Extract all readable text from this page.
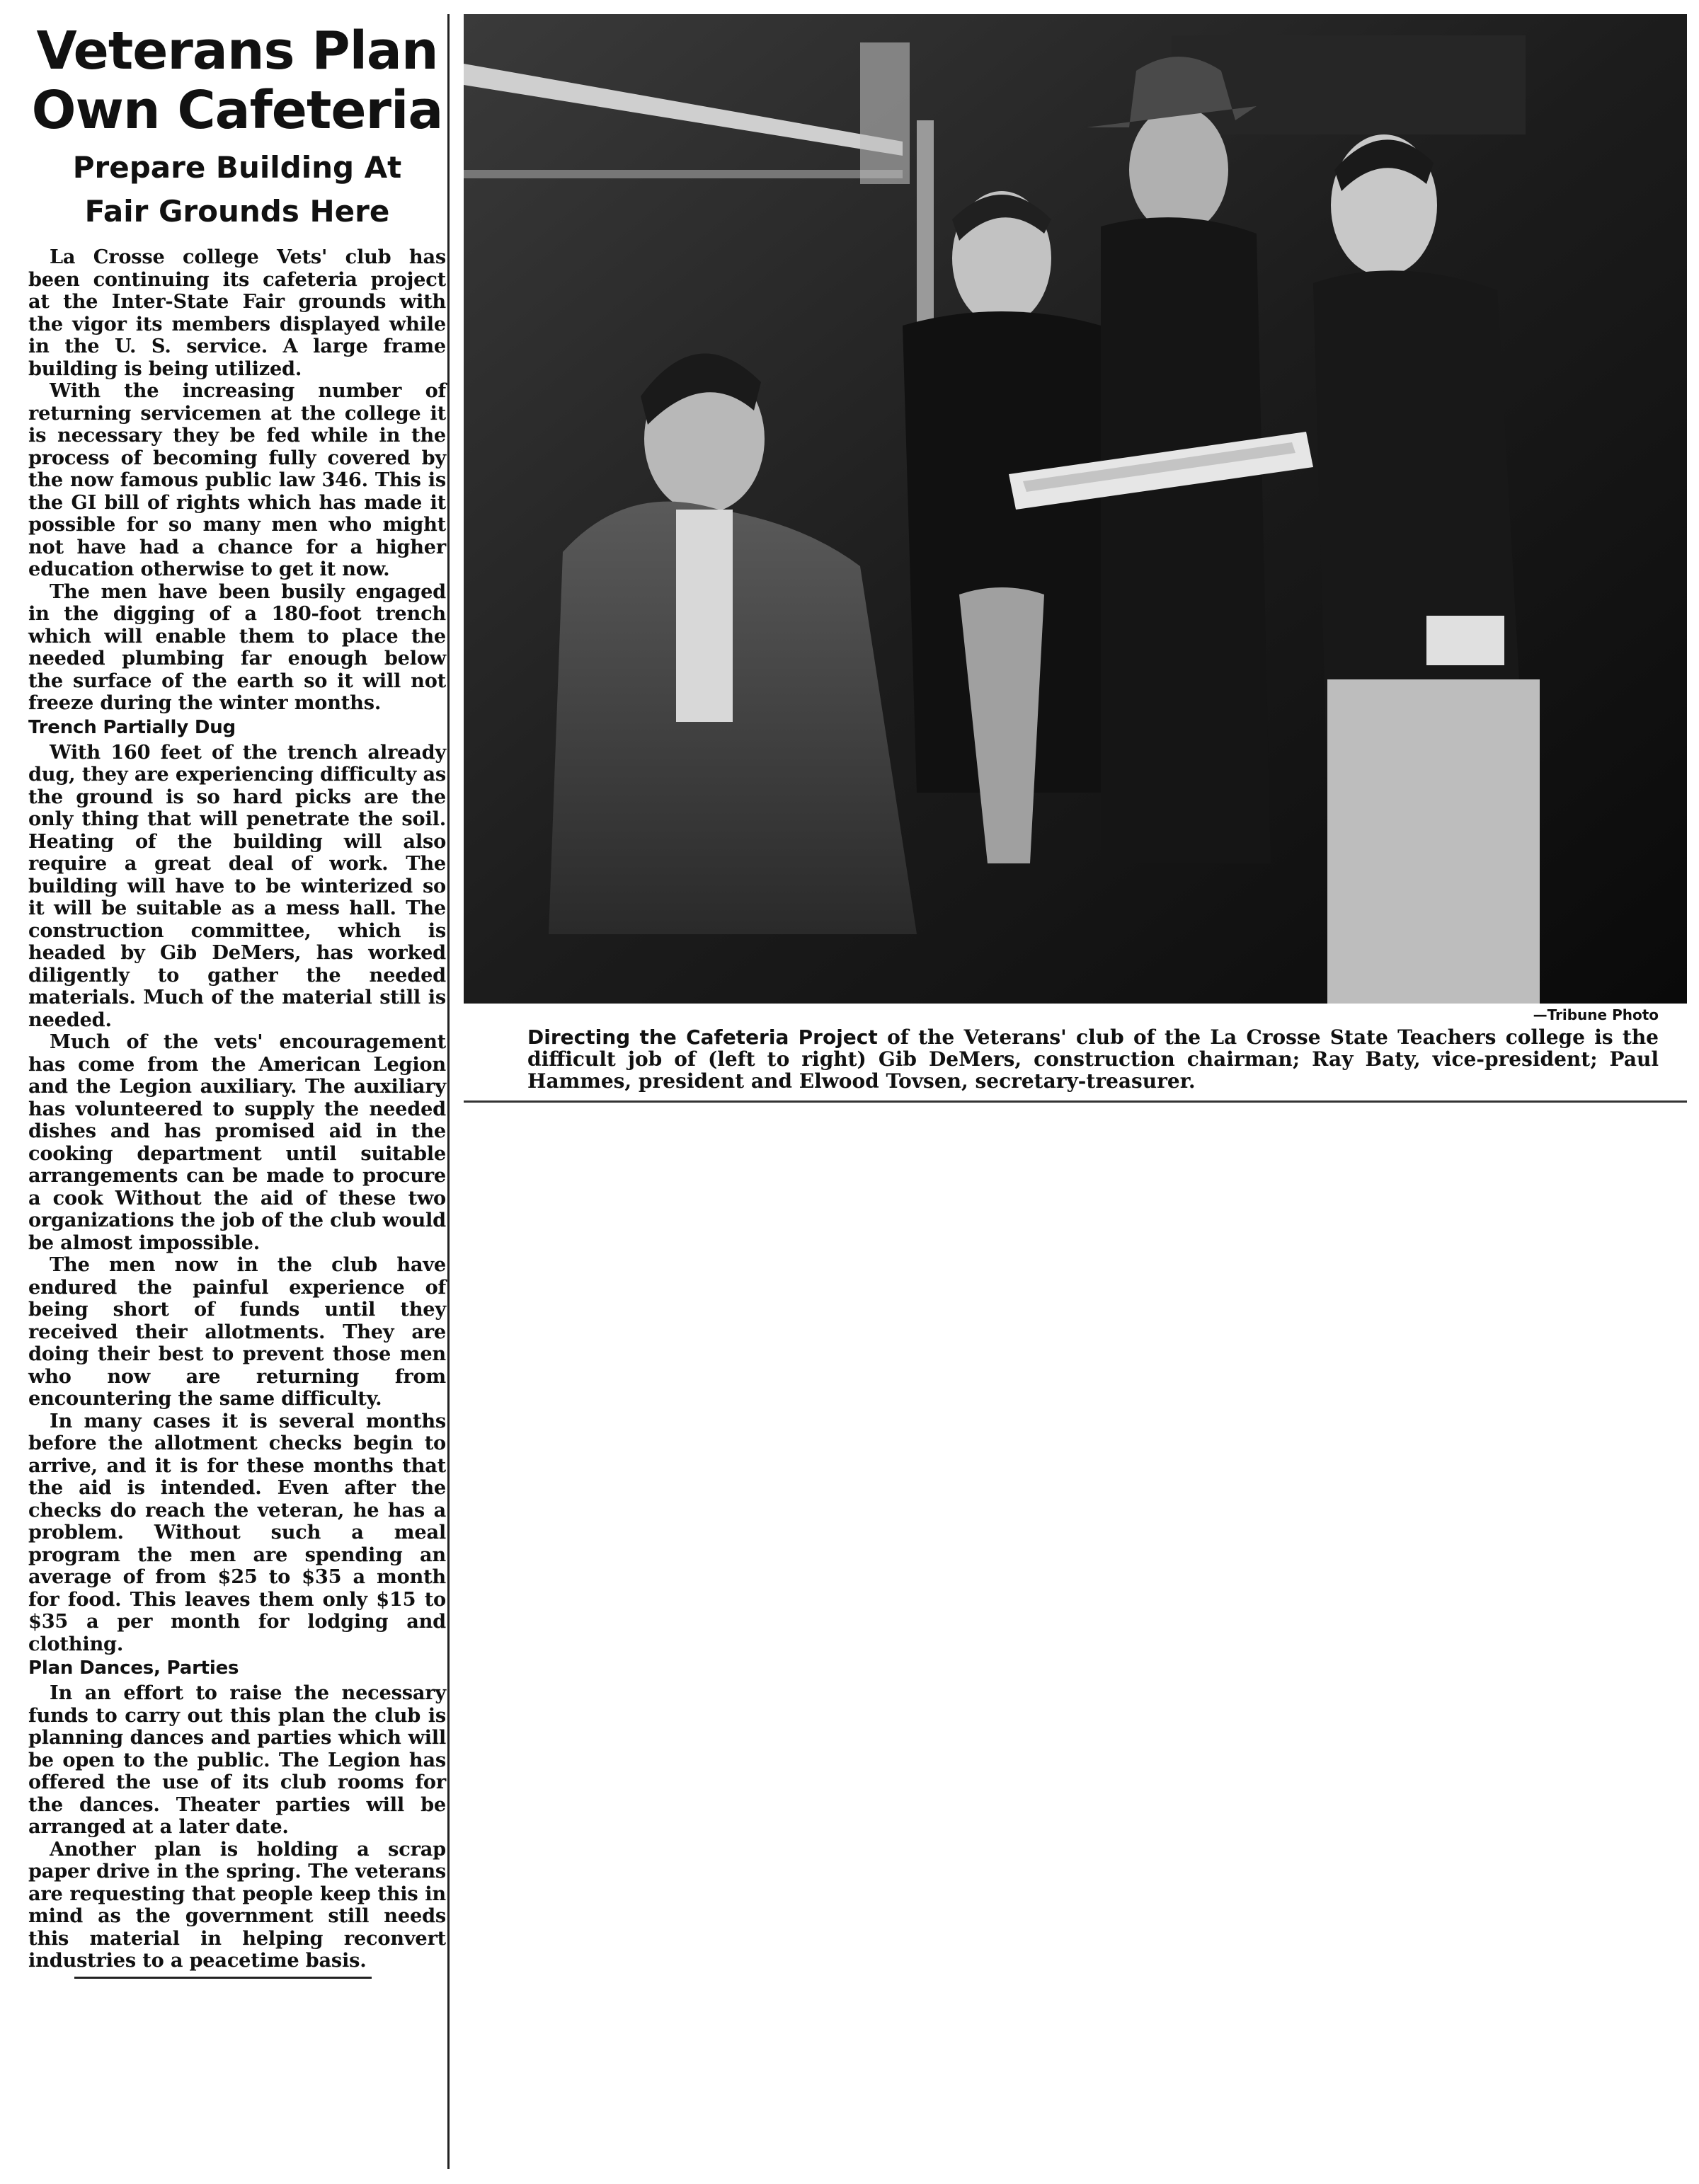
Veterans Plan
Own Cafeteria
Prepare Building At
Fair Grounds Here

La Crosse college Vets' club has been continuing its cafeteria project at the Inter-State Fair grounds with the vigor its members displayed while in the U. S. service. A large frame building is being utilized.

With the increasing number of returning servicemen at the college it is necessary they be fed while in the process of becoming fully covered by the now famous public law 346. This is the GI bill of rights which has made it possible for so many men who might not have had a chance for a higher education otherwise to get it now.

The men have been busily engaged in the digging of a 180-foot trench which will enable them to place the needed plumbing far enough below the surface of the earth so it will not freeze during the winter months.

Trench Partially Dug

With 160 feet of the trench already dug, they are experiencing difficulty as the ground is so hard picks are the only thing that will penetrate the soil. Heating of the building will also require a great deal of work. The building will have to be winterized so it will be suitable as a mess hall. The construction committee, which is headed by Gib DeMers, has worked diligently to gather the needed materials. Much of the material still is needed.

Much of the vets' encouragement has come from the American Legion and the Legion auxiliary. The auxiliary has volunteered to supply the needed dishes and has promised aid in the cooking department until suitable arrangements can be made to procure a cook Without the aid of these two organizations the job of the club would be almost impossible.

The men now in the club have endured the painful experience of being short of funds until they received their allotments. They are doing their best to prevent those men who now are returning from encountering the same difficulty.

In many cases it is several months before the allotment checks begin to arrive, and it is for these months that the aid is intended. Even after the checks do reach the veteran, he has a problem. Without such a meal program the men are spending an average of from $25 to $35 a month for food. This leaves them only $15 to $35 a per month for lodging and clothing.

Plan Dances, Parties

In an effort to raise the necessary funds to carry out this plan the club is planning dances and parties which will be open to the public. The Legion has offered the use of its club rooms for the dances. Theater parties will be arranged at a later date.

Another plan is holding a scrap paper drive in the spring. The veterans are requesting that people keep this in mind as the government still needs this material in helping reconvert industries to a peacetime basis.

—Tribune Photo

Directing the Cafeteria Project of the Veterans' club of the La Crosse State Teachers college is the difficult job of (left to right) Gib DeMers, construction chairman; Ray Baty, vice-president; Paul Hammes, president and Elwood Tovsen, secretary-treasurer.
